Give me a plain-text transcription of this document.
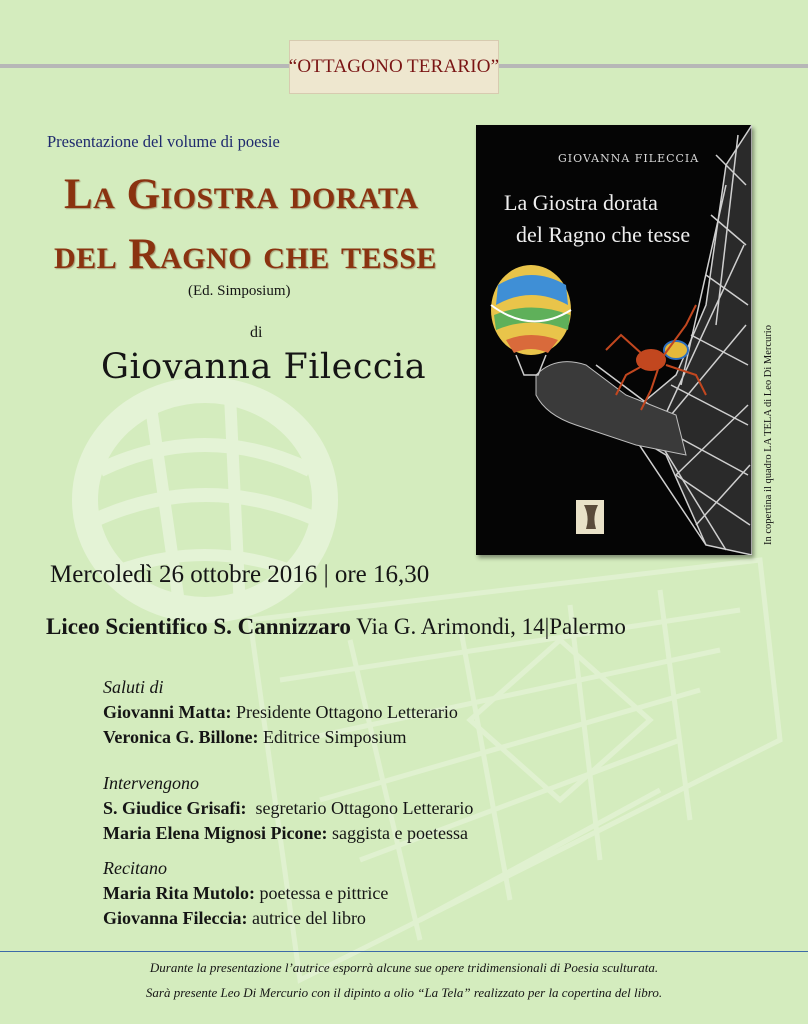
“OTTAGONO TERARIO”
Presentazione del volume di poesie
La Giostra dorata
del Ragno che tesse
(Ed. Simposium)
di
Giovanna Fileccia
GIOVANNA FILECCIA
La Giostra dorata
del Ragno che tesse
In copertina il quadro LA TELA di Leo Di Mercurio
Mercoledì 26 ottobre 2016 | ore 16,30
Liceo Scientifico S. Cannizzaro Via G. Arimondi, 14|Palermo
Saluti di
Giovanni Matta: Presidente Ottagono Letterario
Veronica G. Billone: Editrice Simposium
Intervengono
S. Giudice Grisafi:  segretario Ottagono Letterario
Maria Elena Mignosi Picone: saggista e poetessa
Recitano
Maria Rita Mutolo: poetessa e pittrice
Giovanna Fileccia: autrice del libro
Durante la presentazione l’autrice esporrà alcune sue opere tridimensionali di Poesia sculturata.
Sarà presente Leo Di Mercurio con il dipinto a olio “La Tela” realizzato per la copertina del libro.
